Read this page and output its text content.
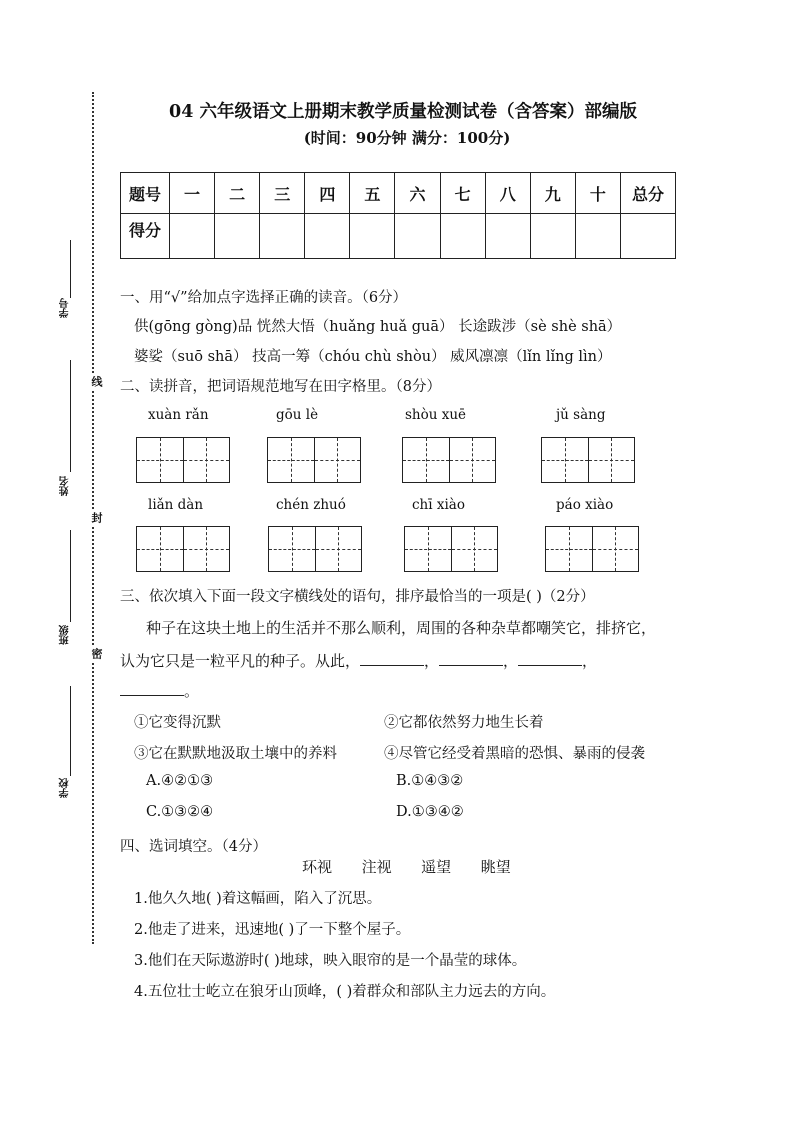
学号
姓名
班级
学校
线
封
密
04 六年级语文上册期末教学质量检测试卷（含答案）部编版
(时间：90分钟 满分：100分)
题号	一	二	三	四	五	六	七	八	九	十	总分
得分											
一、用“√”给加点字选择正确的读音。（6分）
供(gōng gòng)品 恍然大悟（huǎng huǎ guā） 长途跋涉（sè shè shā）
婆娑（suō shā） 技高一筹（chóu chù shòu） 威风凛凛（lǐn lǐng lìn）
二、读拼音，把词语规范地写在田字格里。（8分）
xuàn rǎn	gōu lè	shòu xuē	jǔ sàng
liǎn dàn	chén zhuó	chī xiào	páo xiào
三、依次填入下面一段文字横线处的语句，排序最恰当的一项是( )（2分）
种子在这块土地上的生活并不那么顺利，周围的各种杂草都嘲笑它，排挤它，
认为它只是一粒平凡的种子。从此，	，	，	，
。
①它变得沉默	②它都依然努力地生长着
③它在默默地汲取土壤中的养料	④尽管它经受着黑暗的恐惧、暴雨的侵袭
A.④②①③	B.①④③②
C.①③②④	D.①③④②
四、选词填空。（4分）
环视 注视 遥望 眺望
1.他久久地( )着这幅画，陷入了沉思。
2.他走了进来，迅速地( )了一下整个屋子。
3.他们在天际遨游时( )地球，映入眼帘的是一个晶莹的球体。
4.五位壮士屹立在狼牙山顶峰，( )着群众和部队主力远去的方向。
